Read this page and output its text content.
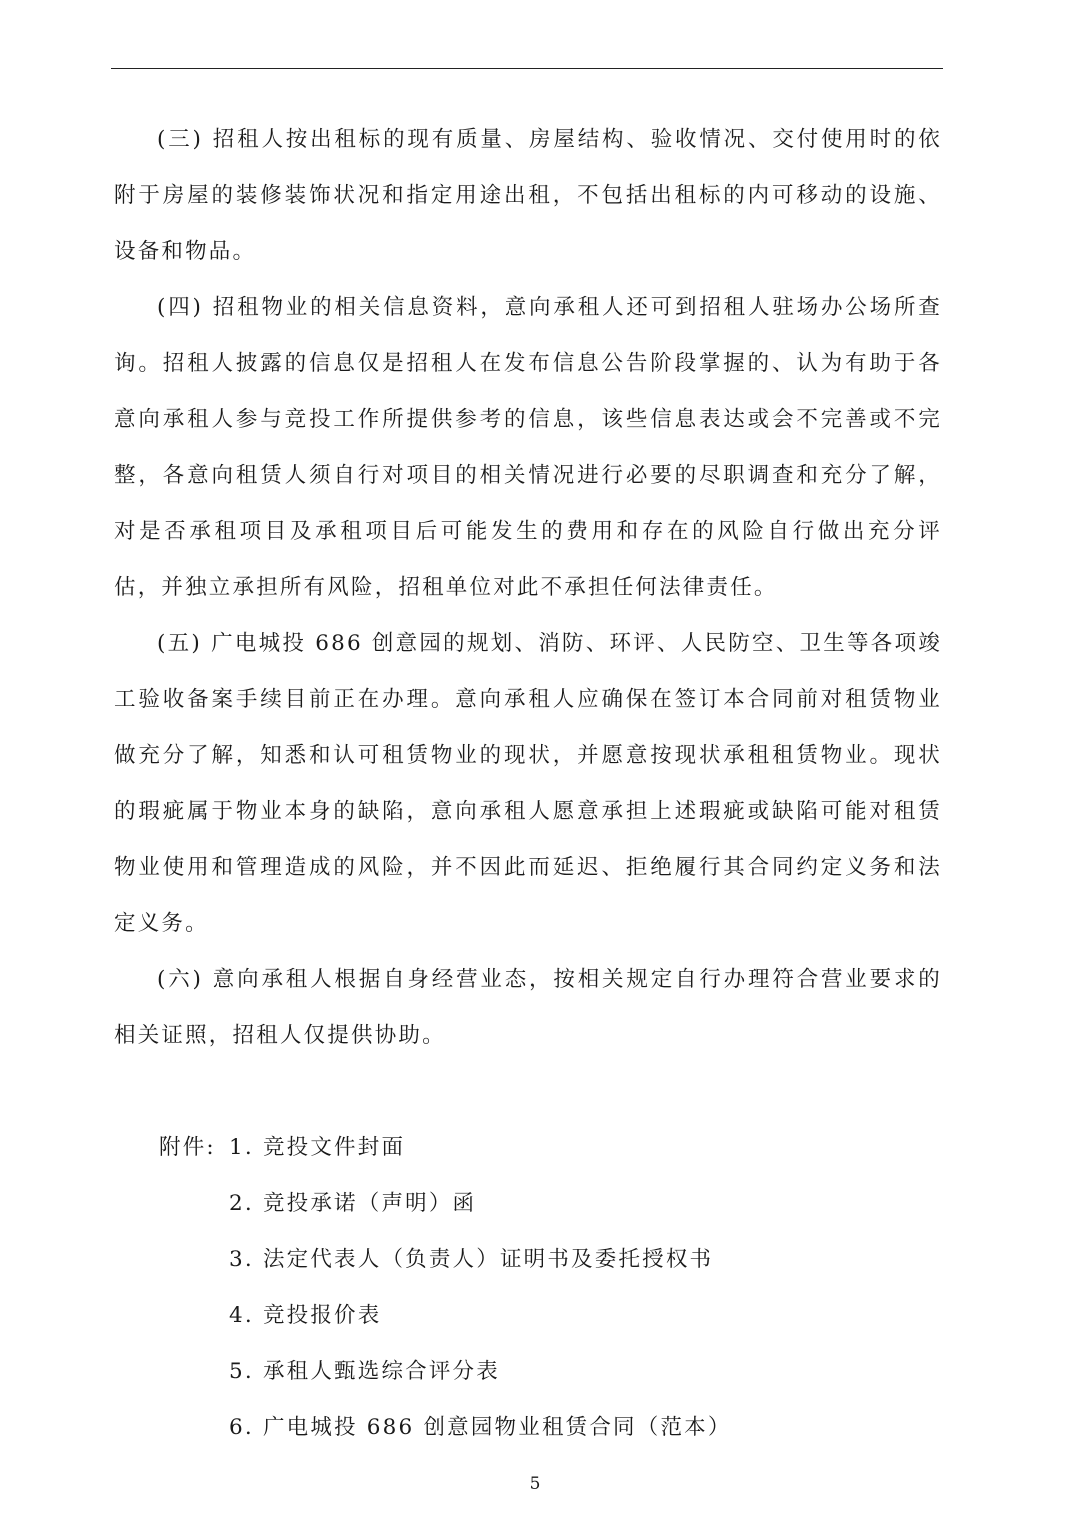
(三) 招租人按出租标的现有质量、房屋结构、验收情况、交付使用时的依附于房屋的装修装饰状况和指定用途出租，不包括出租标的内可移动的设施、设备和物品。

(四) 招租物业的相关信息资料，意向承租人还可到招租人驻场办公场所查询。招租人披露的信息仅是招租人在发布信息公告阶段掌握的、认为有助于各意向承租人参与竞投工作所提供参考的信息，该些信息表达或会不完善或不完整，各意向租赁人须自行对项目的相关情况进行必要的尽职调查和充分了解，对是否承租项目及承租项目后可能发生的费用和存在的风险自行做出充分评估，并独立承担所有风险，招租单位对此不承担任何法律责任。

(五) 广电城投 686 创意园的规划、消防、环评、人民防空、卫生等各项竣工验收备案手续目前正在办理。意向承租人应确保在签订本合同前对租赁物业做充分了解，知悉和认可租赁物业的现状，并愿意按现状承租租赁物业。现状的瑕疵属于物业本身的缺陷，意向承租人愿意承担上述瑕疵或缺陷可能对租赁物业使用和管理造成的风险，并不因此而延迟、拒绝履行其合同约定义务和法定义务。

(六) 意向承租人根据自身经营业态，按相关规定自行办理符合营业要求的相关证照，招租人仅提供协助。

附件: 1. 竞投文件封面
2. 竞投承诺（声明）函
3. 法定代表人（负责人）证明书及委托授权书
4. 竞投报价表
5. 承租人甄选综合评分表
6. 广电城投 686 创意园物业租赁合同（范本）
5
